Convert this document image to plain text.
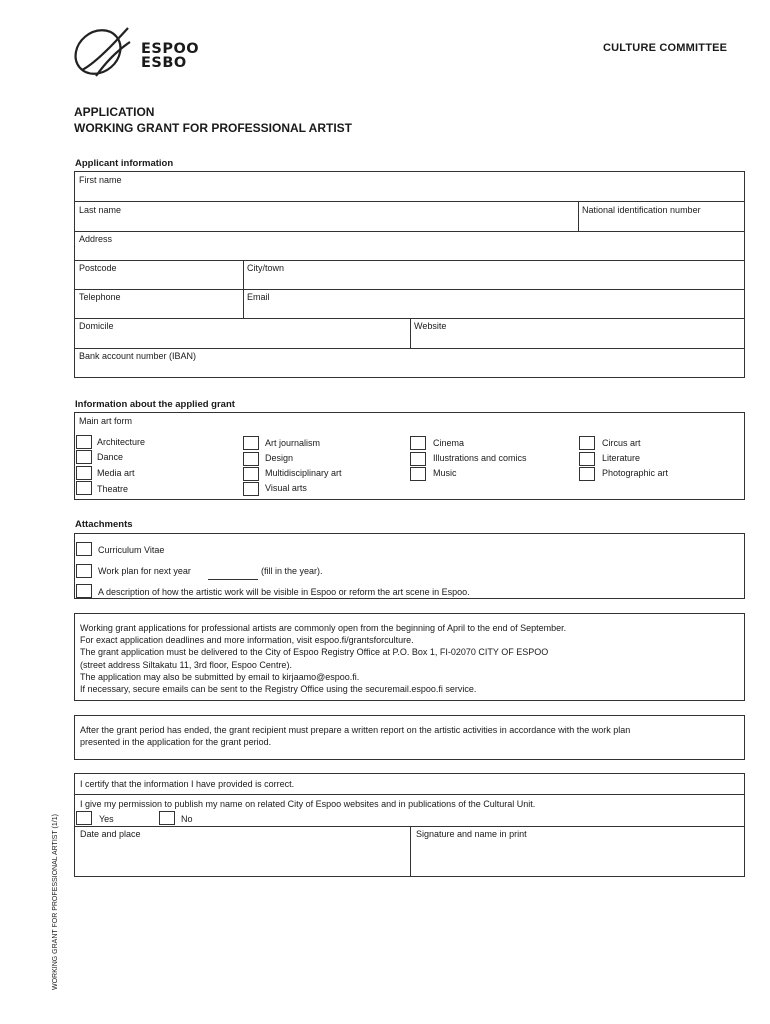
ESPOO
ESBO
CULTURE COMMITTEE
APPLICATION
WORKING GRANT FOR PROFESSIONAL ARTIST
Applicant information
First name
Last name	National identification number
Address
Postcode	City/town
Telephone	Email
Domicile	Website
Bank account number (IBAN)
Information about the applied grant
Main art form
Architecture
Dance
Media art
Theatre
Art journalism
Design
Multidisciplinary art
Visual arts
Cinema
Illustrations and comics
Music
Circus art
Literature
Photographic art
Attachments
Curriculum Vitae
Work plan for next year	(fill in the year).
A description of how the artistic work will be visible in Espoo or reform the art scene in Espoo.
Working grant applications for professional artists are commonly open from the beginning of April to the end of September.
For exact application deadlines and more information, visit espoo.fi/grantsforculture.
The grant application must be delivered to the City of Espoo Registry Office at P.O. Box 1, FI-02070 CITY OF ESPOO
(street address Siltakatu 11, 3rd floor, Espoo Centre).
The application may also be submitted by email to kirjaamo@espoo.fi.
If necessary, secure emails can be sent to the Registry Office using the securemail.espoo.fi service.
After the grant period has ended, the grant recipient must prepare a written report on the artistic activities in accordance with the work plan
presented in the application for the grant period.
I certify that the information I have provided is correct.
I give my permission to publish my name on related City of Espoo websites and in publications of the Cultural Unit.
Yes	No
Date and place	Signature and name in print
WORKING GRANT FOR PROFESSIONAL ARTIST (1/1)
